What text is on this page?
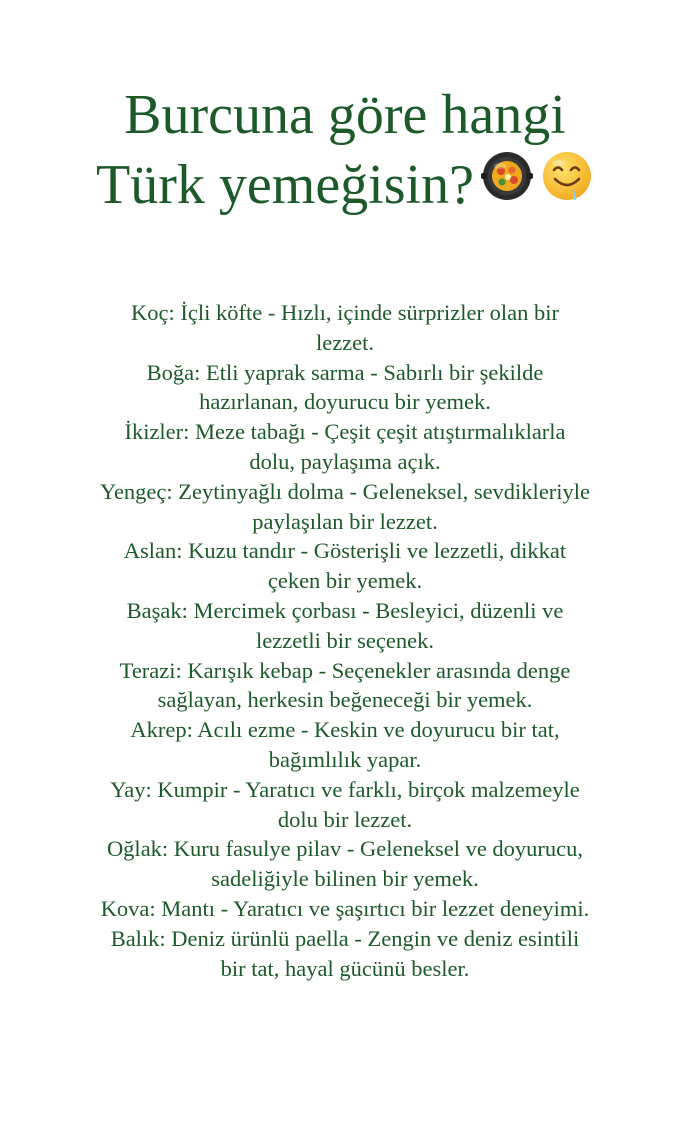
Burcuna göre hangi
Türk yemeğisin?
Koç: İçli köfte - Hızlı, içinde sürprizler olan bir
lezzet.
Boğa: Etli yaprak sarma - Sabırlı bir şekilde
hazırlanan, doyurucu bir yemek.
İkizler: Meze tabağı - Çeşit çeşit atıştırmalıklarla
dolu, paylaşıma açık.
Yengeç: Zeytinyağlı dolma - Geleneksel, sevdikleriyle
paylaşılan bir lezzet.
Aslan: Kuzu tandır - Gösterişli ve lezzetli, dikkat
çeken bir yemek.
Başak: Mercimek çorbası - Besleyici, düzenli ve
lezzetli bir seçenek.
Terazi: Karışık kebap - Seçenekler arasında denge
sağlayan, herkesin beğeneceği bir yemek.
Akrep: Acılı ezme - Keskin ve doyurucu bir tat,
bağımlılık yapar.
Yay: Kumpir - Yaratıcı ve farklı, birçok malzemeyle
dolu bir lezzet.
Oğlak: Kuru fasulye pilav - Geleneksel ve doyurucu,
sadeliğiyle bilinen bir yemek.
Kova: Mantı - Yaratıcı ve şaşırtıcı bir lezzet deneyimi.
Balık: Deniz ürünlü paella - Zengin ve deniz esintili
bir tat, hayal gücünü besler.
